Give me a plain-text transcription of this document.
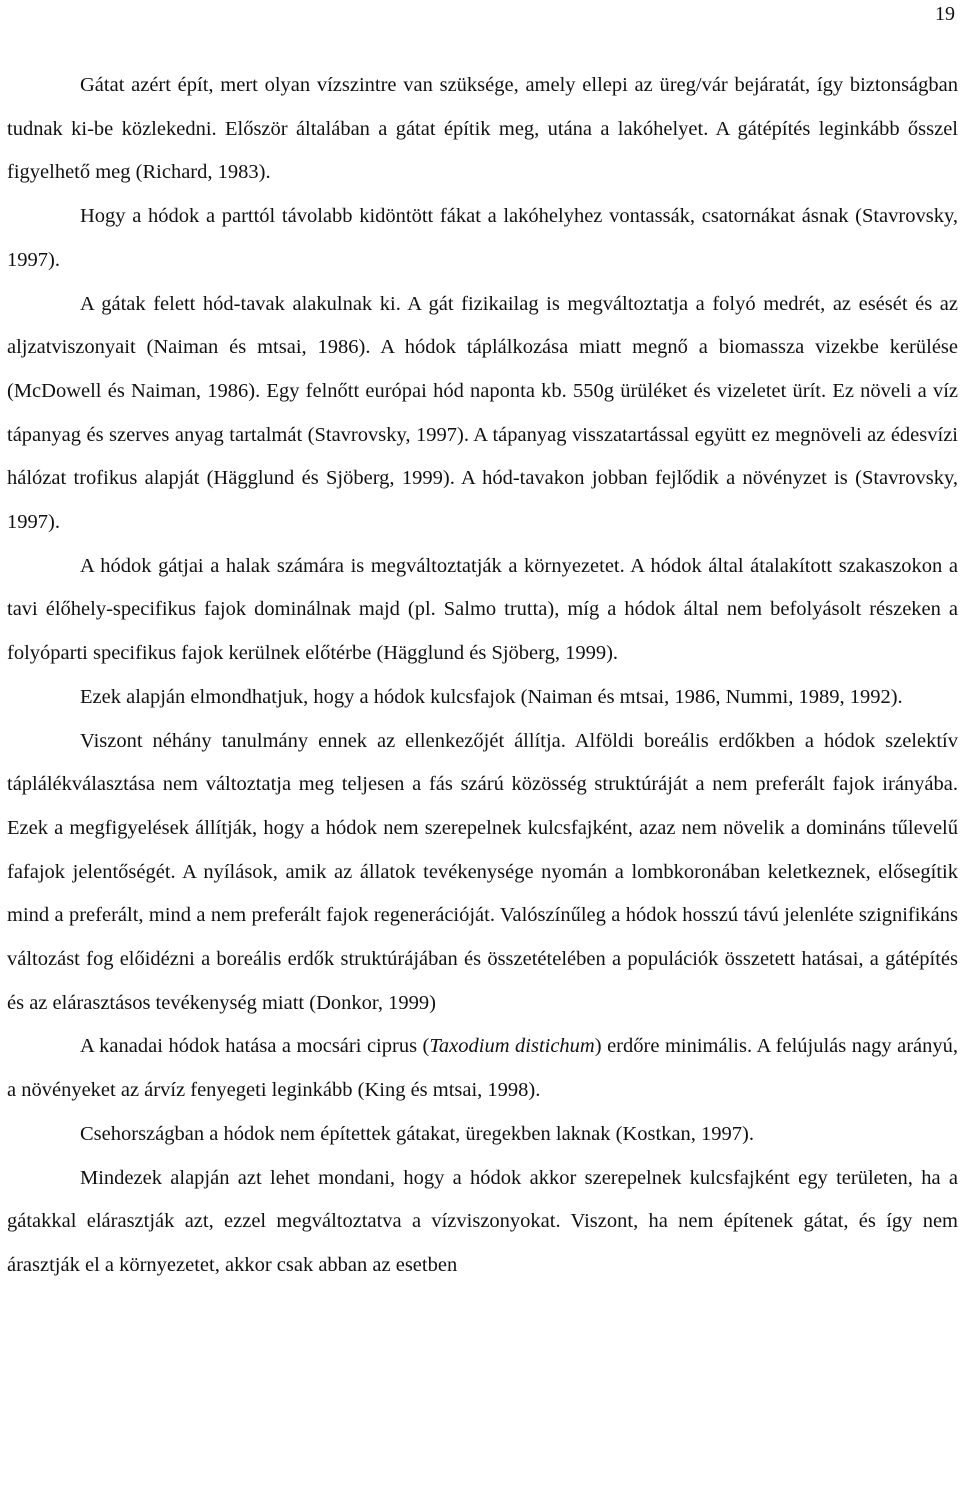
19

Gátat azért épít, mert olyan vízszintre van szüksége, amely ellepi az üreg/vár bejáratát, így biztonságban tudnak ki-be közlekedni. Először általában a gátat építik meg, utána a lakóhelyet. A gátépítés leginkább ősszel figyelhető meg (Richard, 1983).

Hogy a hódok a parttól távolabb kidöntött fákat a lakóhelyhez vontassák, csatornákat ásnak (Stavrovsky, 1997).

A gátak felett hód-tavak alakulnak ki. A gát fizikailag is megváltoztatja a folyó medrét, az esését és az aljzatviszonyait (Naiman és mtsai, 1986). A hódok táplálkozása miatt megnő a biomassza vizekbe kerülése (McDowell és Naiman, 1986). Egy felnőtt európai hód naponta kb. 550g ürüléket és vizeletet ürít. Ez növeli a víz tápanyag és szerves anyag tartalmát (Stavrovsky, 1997). A tápanyag visszatartással együtt ez megnöveli az édesvízi hálózat trofikus alapját (Hägglund és Sjöberg, 1999). A hód-tavakon jobban fejlődik a növényzet is (Stavrovsky, 1997).

A hódok gátjai a halak számára is megváltoztatják a környezetet. A hódok által átalakított szakaszokon a tavi élőhely-specifikus fajok dominálnak majd (pl. Salmo trutta), míg a hódok által nem befolyásolt részeken a folyóparti specifikus fajok kerülnek előtérbe (Hägglund és Sjöberg, 1999).

Ezek alapján elmondhatjuk, hogy a hódok kulcsfajok (Naiman és mtsai, 1986, Nummi, 1989, 1992).

Viszont néhány tanulmány ennek az ellenkezőjét állítja. Alföldi boreális erdőkben a hódok szelektív táplálékválasztása nem változtatja meg teljesen a fás szárú közösség struktúráját a nem preferált fajok irányába. Ezek a megfigyelések állítják, hogy a hódok nem szerepelnek kulcsfajként, azaz nem növelik a domináns tűlevelű fafajok jelentőségét. A nyílások, amik az állatok tevékenysége nyomán a lombkoronában keletkeznek, elősegítik mind a preferált, mind a nem preferált fajok regenerációját. Valószínűleg a hódok hosszú távú jelenléte szignifikáns változást fog előidézni a boreális erdők struktúrájában és összetételében a populációk összetett hatásai, a gátépítés és az elárasztásos tevékenység miatt (Donkor, 1999)

A kanadai hódok hatása a mocsári ciprus (Taxodium distichum) erdőre minimális. A felújulás nagy arányú, a növényeket az árvíz fenyegeti leginkább (King és mtsai, 1998).

Csehországban a hódok nem építettek gátakat, üregekben laknak (Kostkan, 1997).

Mindezek alapján azt lehet mondani, hogy a hódok akkor szerepelnek kulcsfajként egy területen, ha a gátakkal elárasztják azt, ezzel megváltoztatva a vízviszonyokat. Viszont, ha nem építenek gátat, és így nem árasztják el a környezetet, akkor csak abban az esetben
